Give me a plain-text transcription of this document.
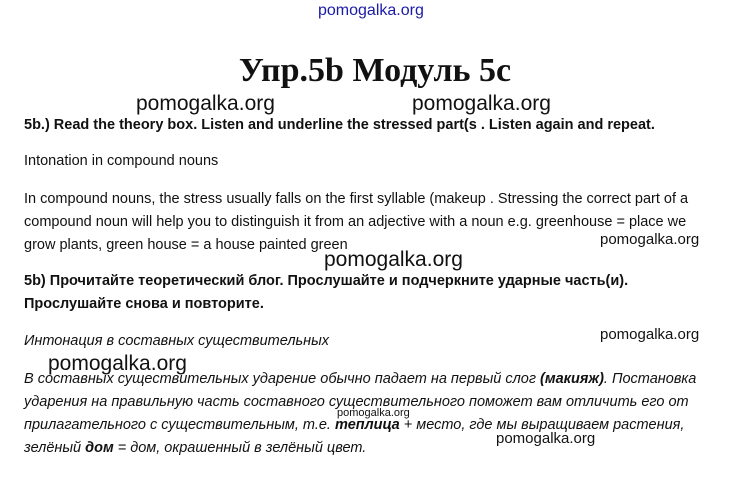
pomogalka.org
Упр.5b Модуль 5с
pomogalka.org	pomogalka.org
pomogalka.org
pomogalka.org
pomogalka.org
pomogalka.org
pomogalka.org
pomogalka.org
5b.) Read the theory box. Listen and underline the stressed part(s . Listen again and repeat.
Intonation in compound nouns
In compound nouns, the stress usually falls on the first syllable (makeup . Stressing the correct part of a
compound noun will help you to distinguish it from an adjective with a noun e.g. greenhouse = place we
grow plants, green house = a house painted green
5b) Прочитайте теоретический блог. Прослушайте и подчеркните ударные часть(и).
Прослушайте снова и повторите.
Интонация в составных существительных
В составных существительных ударение обычно падает на первый слог (макияж). Постановка
ударения на правильную часть составного существительного поможет вам отличить его от
прилагательного с существительным, т.е. теплица + место, где мы выращиваем растения,
зелёный дом = дом, окрашенный в зелёный цвет.
